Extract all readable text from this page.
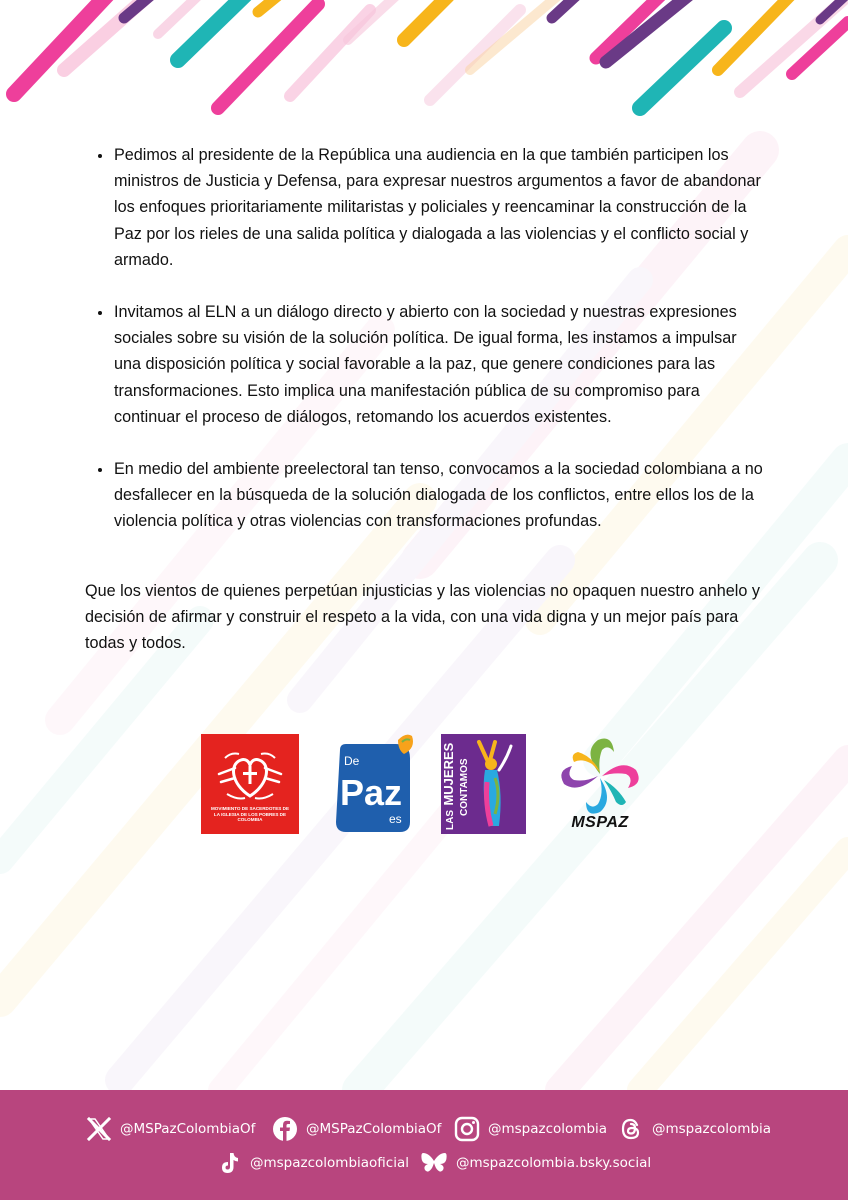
Pedimos al presidente de la República una audiencia en la que también participen los ministros de Justicia y Defensa, para expresar nuestros argumentos a favor de abandonar los enfoques prioritariamente militaristas y policiales y reencaminar la construcción de la Paz por los rieles de una salida política y dialogada a las violencias y el conflicto social y armado.
Invitamos al ELN a un diálogo directo y abierto con la sociedad y nuestras expresiones sociales sobre su visión de la solución política. De igual forma, les instamos a impulsar una disposición política y social favorable a la paz, que genere condiciones para las transformaciones. Esto implica una manifestación pública de su compromiso para continuar el proceso de diálogos, retomando los acuerdos existentes.
En medio del ambiente preelectoral tan tenso, convocamos a la sociedad colombiana a no desfallecer en la búsqueda de la solución dialogada de los conflictos, entre ellos los de la violencia política y otras violencias con transformaciones profundas.

Que los vientos de quienes perpetúan injusticias y las violencias no opaquen nuestro anhelo y decisión de afirmar y construir el respeto a la vida, con una vida digna y un mejor país para todas y todos.

MOVIMIENTO DE SACERDOTES DE LA IGLESIA DE LOS POBRES DE COLOMBIA
De
Paz
es	LAS MUJERES CONTAMOS
MSPAZ
@MSPazColombiaOf	@MSPazColombiaOf	@mspazcolombia	@mspazcolombia
@mspazcolombiaoficial	@mspazcolombia.bsky.social
